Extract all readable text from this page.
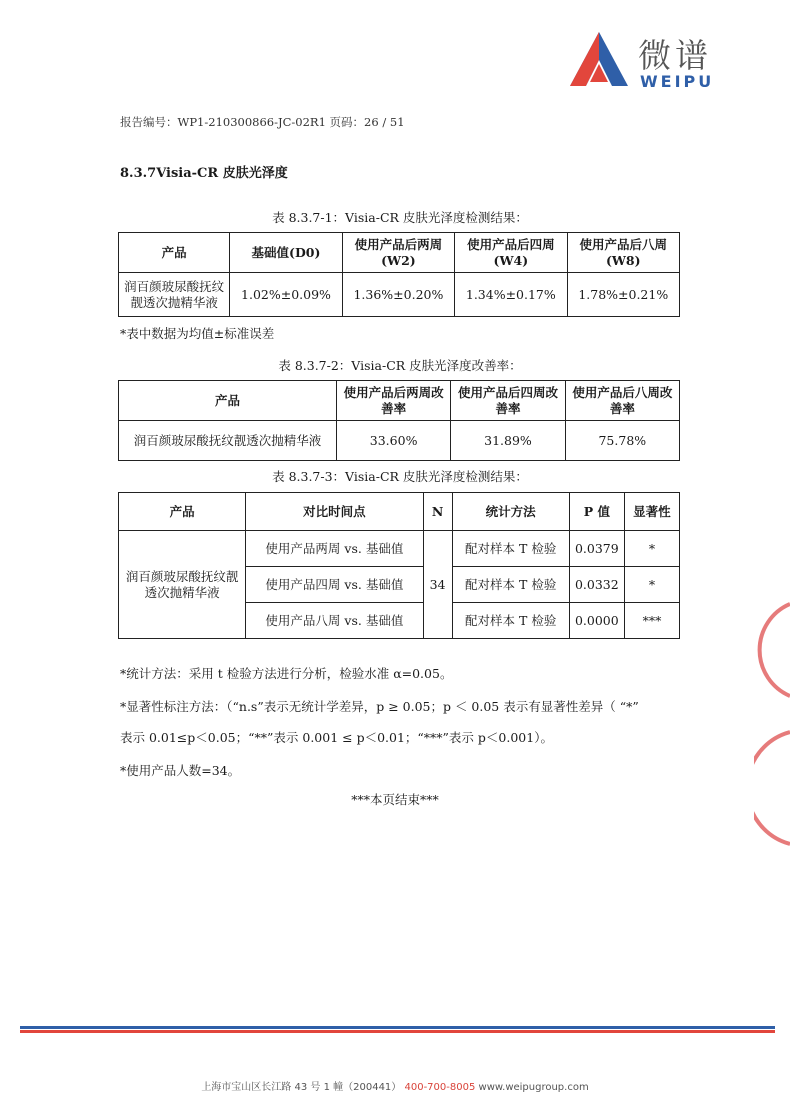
微谱
WEIPU
报告编号：WP1-210300866-JC-02R1 页码：26 / 51
8.3.7Visia-CR 皮肤光泽度
表 8.3.7-1：Visia-CR 皮肤光泽度检测结果：
产品	基础值(D0)	使用产品后两周(W2)	使用产品后四周(W4)	使用产品后八周(W8)
润百颜玻尿酸抚纹靓透次抛精华液	1.02%±0.09%	1.36%±0.20%	1.34%±0.17%	1.78%±0.21%
*表中数据为均值±标准误差
表 8.3.7-2：Visia-CR 皮肤光泽度改善率：
产品	使用产品后两周改善率	使用产品后四周改善率	使用产品后八周改善率
润百颜玻尿酸抚纹靓透次抛精华液	33.60%	31.89%	75.78%
表 8.3.7-3：Visia-CR 皮肤光泽度检测结果：
产品	对比时间点	N	统计方法	P 值	显著性
润百颜玻尿酸抚纹靓透次抛精华液	使用产品两周 vs. 基础值	34	配对样本 T 检验	0.0379	*
	使用产品四周 vs. 基础值		配对样本 T 检验	0.0332	*
	使用产品八周 vs. 基础值		配对样本 T 检验	0.0000	***
*统计方法：采用 t 检验方法进行分析，检验水准 α=0.05。
*显著性标注方法：（“n.s”表示无统计学差异，p ≥ 0.05；p ＜ 0.05 表示有显著性差异（ “*”
表示 0.01≤p＜0.05；“**”表示 0.001 ≤ p＜0.01；“***”表示 p＜0.001）。
*使用产品人数=34。
***本页结束***
上海市宝山区长江路 43 号 1 幢（200441） 400-700-8005 www.weipugroup.com
